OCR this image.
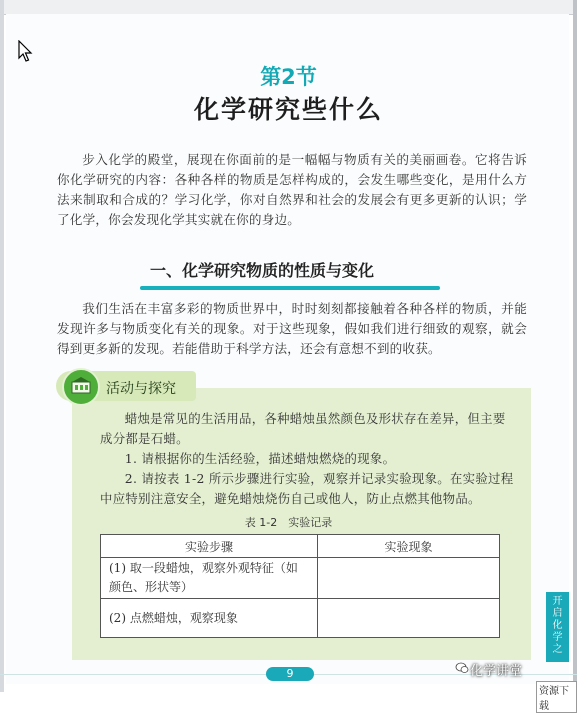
第2节
化学研究些什么
步入化学的殿堂，展现在你面前的是一幅幅与物质有关的美丽画卷。它将告诉你化学研究的内容：各种各样的物质是怎样构成的，会发生哪些变化，是用什么方法来制取和合成的？学习化学，你对自然界和社会的发展会有更多更新的认识；学了化学，你会发现化学其实就在你的身边。
一、化学研究物质的性质与变化
我们生活在丰富多彩的物质世界中，时时刻刻都接触着各种各样的物质，并能发现许多与物质变化有关的现象。对于这些现象，假如我们进行细致的观察，就会得到更多新的发现。若能借助于科学方法，还会有意想不到的收获。
活动与探究
蜡烛是常见的生活用品，各种蜡烛虽然颜色及形状存在差异，但主要成分都是石蜡。
1. 请根据你的生活经验，描述蜡烛燃烧的现象。
2. 请按表 1-2 所示步骤进行实验，观察并记录实验现象。在实验过程中应特别注意安全，避免蜡烛烧伤自己或他人，防止点燃其他物品。
表 1-2　实验记录
实验步骤	实验现象
(1) 取一段蜡烛，观察外观特征（如颜色、形状等）	
(2) 点燃蜡烛，观察现象	
开启化学之
9	化学讲堂
资源下载
